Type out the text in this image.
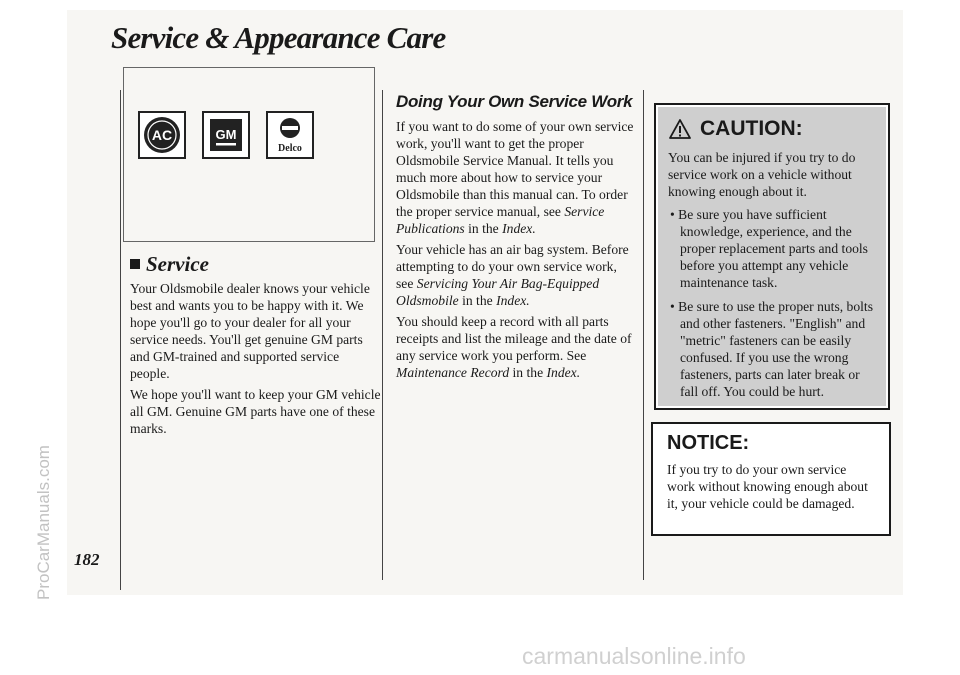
ProCarManuals.com
carmanualsonline.info
Service & Appearance Care
182
AC	GM
Delco
Service

Your Oldsmobile dealer knows your vehicle best and wants you to be happy with it. We hope you'll go to your dealer for all your service needs. You'll get genuine GM parts and GM-trained and supported service people.

We hope you'll want to keep your GM vehicle all GM. Genuine GM parts have one of these marks.

Doing Your Own Service Work

If you want to do some of your own service work, you'll want to get the proper Oldsmobile Service Manual. It tells you much more about how to service your Oldsmobile than this manual can. To order the proper service manual, see Service Publications in the Index.

Your vehicle has an air bag system. Before attempting to do your own service work, see Servicing Your Air Bag-Equipped Oldsmobile in the Index.

You should keep a record with all parts receipts and list the mileage and the date of any service work you perform. See Maintenance Record in the Index.

CAUTION:

You can be injured if you try to do service work on a vehicle without knowing enough about it.

• Be sure you have sufficient knowledge, experience, and the proper replacement parts and tools before you attempt any vehicle maintenance task.
• Be sure to use the proper nuts, bolts and other fasteners. "English" and "metric" fasteners can be easily confused. If you use the wrong fasteners, parts can later break or fall off. You could be hurt.
NOTICE:

If you try to do your own service work without knowing enough about it, your vehicle could be damaged.
